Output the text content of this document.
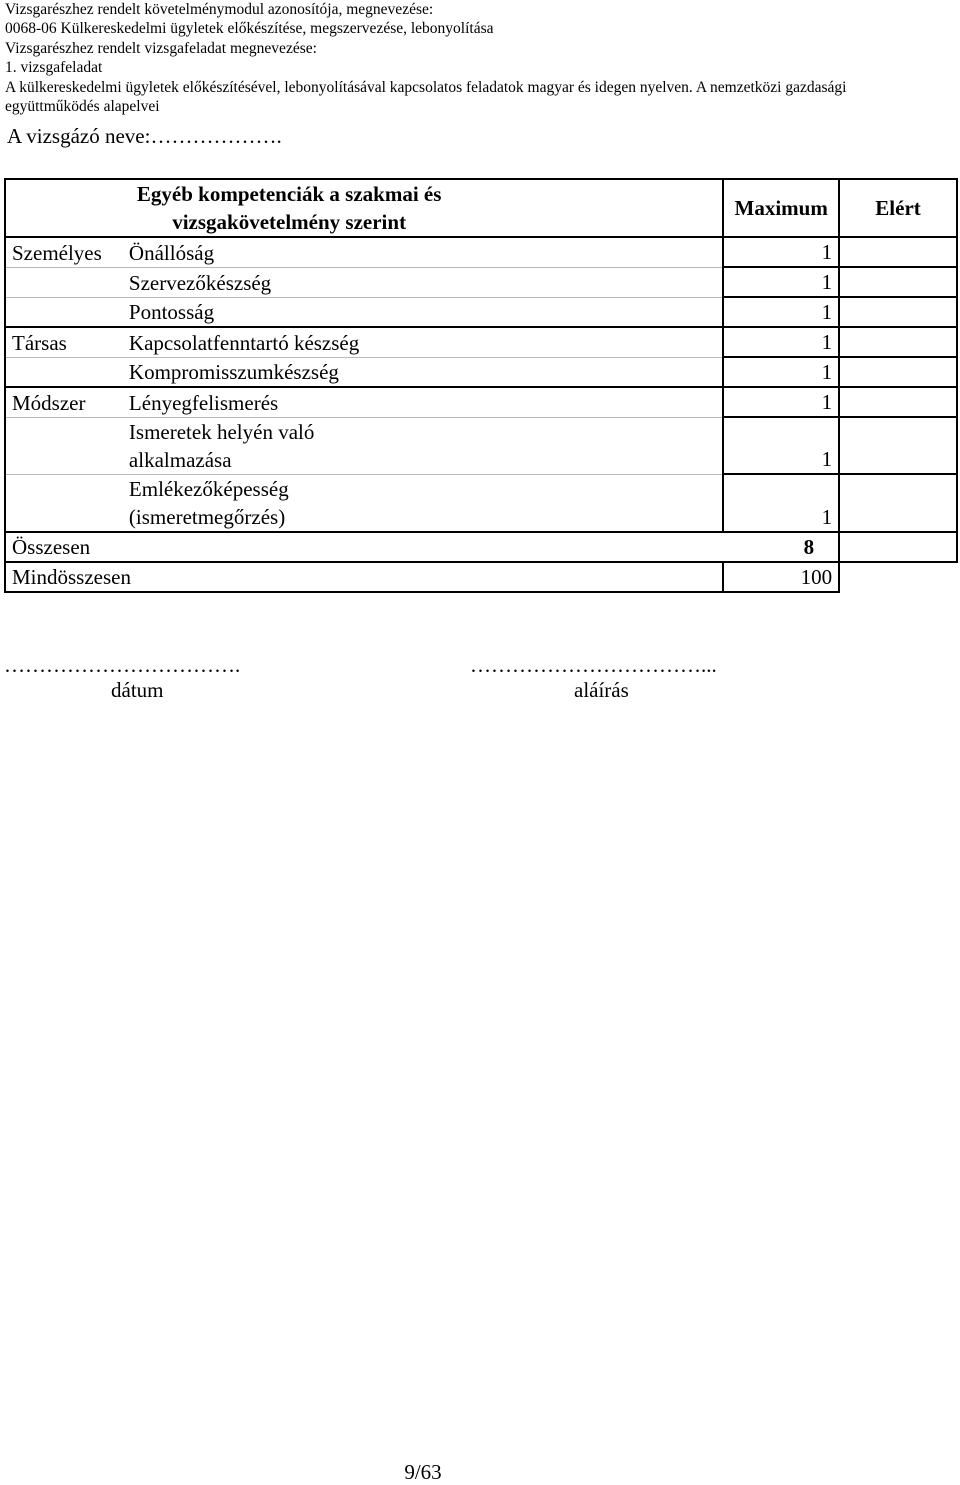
Vizsgarészhez rendelt követelménymodul azonosítója, megnevezése:
0068-06 Külkereskedelmi ügyletek előkészítése, megszervezése, lebonyolítása
Vizsgarészhez rendelt vizsgafeladat megnevezése:
1. vizsgafeladat
A külkereskedelmi ügyletek előkészítésével, lebonyolításával kapcsolatos feladatok magyar és idegen nyelven. A nemzetközi gazdasági
együttműködés alapelvei
A vizsgázó neve:……………….
Egyéb kompetenciák a szakmai és vizsgakövetelmény szerint		Maximum	Elért
Személyes	Önállóság	1	
	Szervezőkészség	1	
	Pontosság	1	
Társas	Kapcsolatfenntartó készség	1	
	Kompromisszumkészség	1	
Módszer	Lényegfelismerés	1	
	Ismeretek helyén való alkalmazása	1	
	Emlékezőképesség (ismeretmegőrzés)	1	
Összesen 8			

Mindösszesen		100	
…………………………….
dátum
……………………………...
aláírás
9/63
